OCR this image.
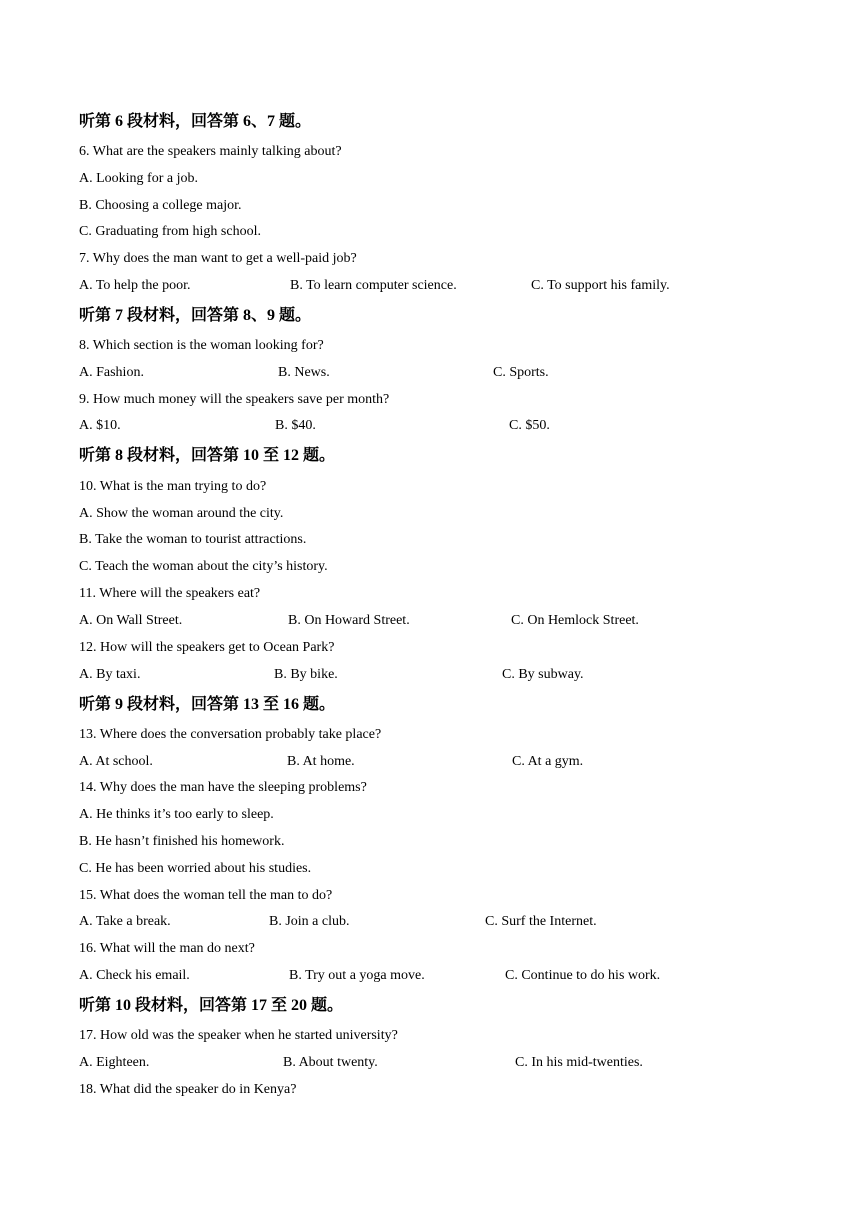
听第 6 段材料，回答第 6、7 题。
6. What are the speakers mainly talking about?
A. Looking for a job.
B. Choosing a college major.
C. Graduating from high school.
7. Why does the man want to get a well-paid job?
A. To help the poor.	B. To learn computer science.	C. To support his family.
听第 7 段材料，回答第 8、9 题。
8. Which section is the woman looking for?
A. Fashion.	B. News.	C. Sports.
9. How much money will the speakers save per month?
A. $10.	B. $40.	C. $50.
听第 8 段材料，回答第 10 至 12 题。
10. What is the man trying to do?
A. Show the woman around the city.
B. Take the woman to tourist attractions.
C. Teach the woman about the city’s history.
11. Where will the speakers eat?
A. On Wall Street.	B. On Howard Street.	C. On Hemlock Street.
12. How will the speakers get to Ocean Park?
A. By taxi.	B. By bike.	C. By subway.
听第 9 段材料，回答第 13 至 16 题。
13. Where does the conversation probably take place?
A. At school.	B. At home.	C. At a gym.
14. Why does the man have the sleeping problems?
A. He thinks it’s too early to sleep.
B. He hasn’t finished his homework.
C. He has been worried about his studies.
15. What does the woman tell the man to do?
A. Take a break.	B. Join a club.	C. Surf the Internet.
16. What will the man do next?
A. Check his email.	B. Try out a yoga move.	C. Continue to do his work.
听第 10 段材料，回答第 17 至 20 题。
17. How old was the speaker when he started university?
A. Eighteen.	B. About twenty.	C. In his mid-twenties.
18. What did the speaker do in Kenya?
